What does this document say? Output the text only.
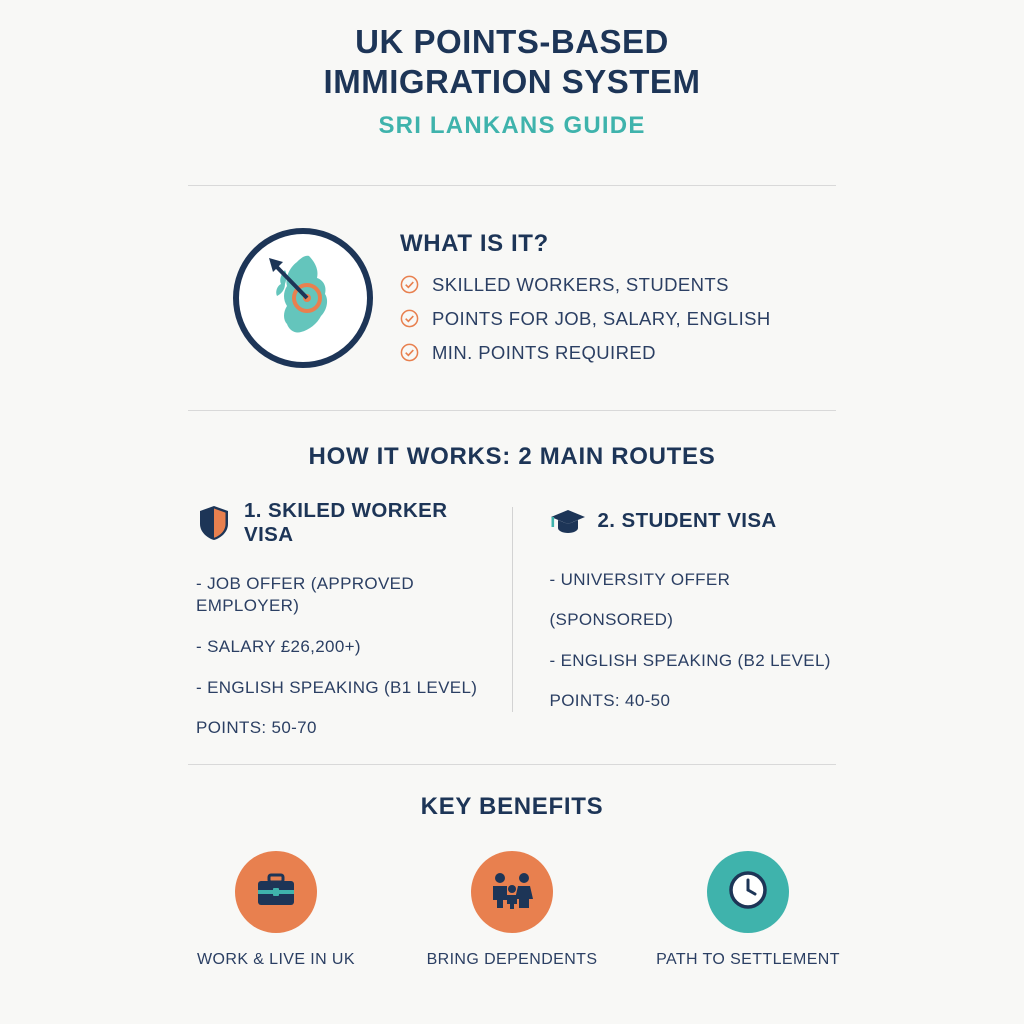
UK POINTS-BASED
IMMIGRATION SYSTEM
SRI LANKANS GUIDE
WHAT IS IT?
SKILLED WORKERS, STUDENTS
POINTS FOR JOB, SALARY, ENGLISH
MIN. POINTS REQUIRED
HOW IT WORKS: 2 MAIN ROUTES
1. SKILED WORKER VISA
- JOB OFFER (APPROVED EMPLOYER)
- SALARY £26,200+)
- ENGLISH SPEAKING (B1 LEVEL)
POINTS: 50-70
2. STUDENT VISA
- UNIVERSITY OFFER
(SPONSORED)
- ENGLISH SPEAKING (B2 LEVEL)
POINTS: 40-50
KEY BENEFITS
WORK & LIVE IN UK	BRING DEPENDENTS	PATH TO SETTLEMENT
